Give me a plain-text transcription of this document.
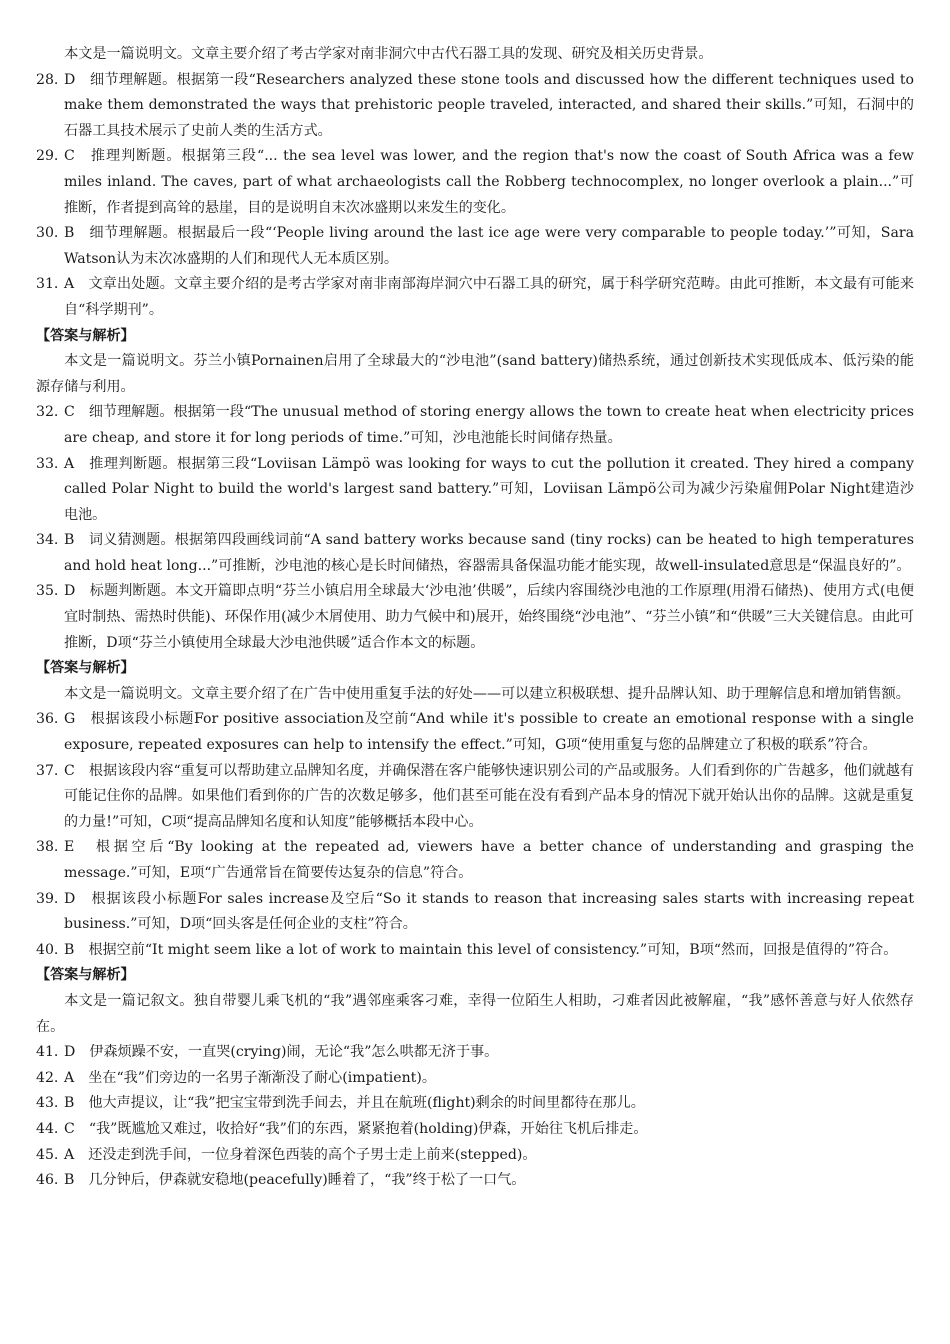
本文是一篇说明文。文章主要介绍了考古学家对南非洞穴中古代石器工具的发现、研究及相关历史背景。

28. D　细节理解题。根据第一段“Researchers analyzed these stone tools and discussed how the different techniques used to make them demonstrated the ways that prehistoric people traveled, interacted, and shared their skills.”可知，石洞中的石器工具技术展示了史前人类的生活方式。

29. C　推理判断题。根据第三段“... the sea level was lower, and the region that's now the coast of South Africa was a few miles inland. The caves, part of what archaeologists call the Robberg technocomplex, no longer overlook a plain...”可推断，作者提到高耸的悬崖，目的是说明自末次冰盛期以来发生的变化。

30. B　细节理解题。根据最后一段“‘People living around the last ice age were very comparable to people today.’”可知，Sara Watson认为末次冰盛期的人们和现代人无本质区别。

31. A　文章出处题。文章主要介绍的是考古学家对南非南部海岸洞穴中石器工具的研究，属于科学研究范畴。由此可推断，本文最有可能来自“科学期刊”。

【答案与解析】

本文是一篇说明文。芬兰小镇Pornainen启用了全球最大的“沙电池”(sand battery)储热系统，通过创新技术实现低成本、低污染的能源存储与利用。

32. C　细节理解题。根据第一段“The unusual method of storing energy allows the town to create heat when electricity prices are cheap, and store it for long periods of time.”可知，沙电池能长时间储存热量。

33. A　推理判断题。根据第三段“Loviisan Lämpö was looking for ways to cut the pollution it created. They hired a company called Polar Night to build the world's largest sand battery.”可知，Loviisan Lämpö公司为减少污染雇佣Polar Night建造沙电池。

34. B　词义猜测题。根据第四段画线词前“A sand battery works because sand (tiny rocks) can be heated to high temperatures and hold heat long...”可推断，沙电池的核心是长时间储热，容器需具备保温功能才能实现，故well-insulated意思是“保温良好的”。

35. D　标题判断题。本文开篇即点明“芬兰小镇启用全球最大‘沙电池’供暖”，后续内容围绕沙电池的工作原理(用滑石储热)、使用方式(电便宜时制热、需热时供能)、环保作用(减少木屑使用、助力气候中和)展开，始终围绕“沙电池”、“芬兰小镇”和“供暖”三大关键信息。由此可推断，D项“芬兰小镇使用全球最大沙电池供暖”适合作本文的标题。

【答案与解析】

本文是一篇说明文。文章主要介绍了在广告中使用重复手法的好处——可以建立积极联想、提升品牌认知、助于理解信息和增加销售额。

36. G　根据该段小标题For positive association及空前“And while it's possible to create an emotional response with a single exposure, repeated exposures can help to intensify the effect.”可知，G项“使用重复与您的品牌建立了积极的联系”符合。

37. C　根据该段内容“重复可以帮助建立品牌知名度，并确保潜在客户能够快速识别公司的产品或服务。人们看到你的广告越多，他们就越有可能记住你的品牌。如果他们看到你的广告的次数足够多，他们甚至可能在没有看到产品本身的情况下就开始认出你的品牌。这就是重复的力量!”可知，C项“提高品牌知名度和认知度”能够概括本段中心。

38. E　根据空后“By looking at the repeated ad, viewers have a better chance of understanding and grasping the message.”可知，E项“广告通常旨在简要传达复杂的信息”符合。

39. D　根据该段小标题For sales increase及空后“So it stands to reason that increasing sales starts with increasing repeat business.”可知，D项“回头客是任何企业的支柱”符合。

40. B　根据空前“It might seem like a lot of work to maintain this level of consistency.”可知，B项“然而，回报是值得的”符合。

【答案与解析】

本文是一篇记叙文。独自带婴儿乘飞机的“我”遇邻座乘客刁难，幸得一位陌生人相助，刁难者因此被解雇，“我”感怀善意与好人依然存在。

41. D　伊森烦躁不安，一直哭(crying)闹，无论“我”怎么哄都无济于事。

42. A　坐在“我”们旁边的一名男子渐渐没了耐心(impatient)。

43. B　他大声提议，让“我”把宝宝带到洗手间去，并且在航班(flight)剩余的时间里都待在那儿。

44. C　“我”既尴尬又难过，收拾好“我”们的东西，紧紧抱着(holding)伊森，开始往飞机后排走。

45. A　还没走到洗手间，一位身着深色西装的高个子男士走上前来(stepped)。

46. B　几分钟后，伊森就安稳地(peacefully)睡着了，“我”终于松了一口气。
